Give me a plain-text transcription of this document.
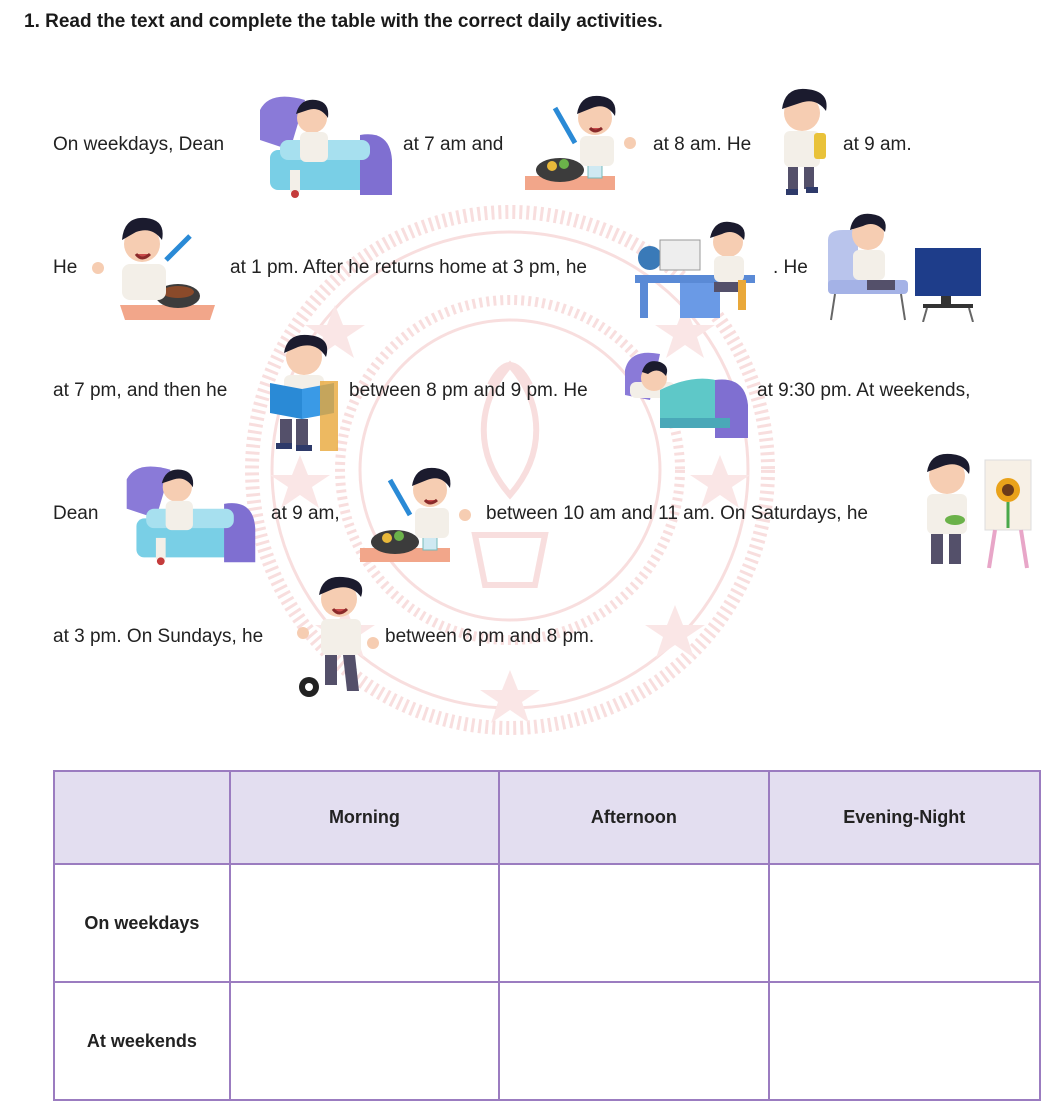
1. Read the text and complete the table with the correct daily activities.
On weekdays, Dean	at 7 am and	at 8 am. He	at 9 am.
He	at 1 pm. After he returns home at 3 pm, he	. He
at 7 pm, and then he	between 8 pm and 9 pm. He	at 9:30 pm. At weekends,
Dean	at 9 am,	between 10 am and 11 am. On Saturdays, he
at 3 pm. On Sundays, he	between 6 pm and 8 pm.
	Morning	Afternoon	Evening-Night
On weekdays			
At weekends			
